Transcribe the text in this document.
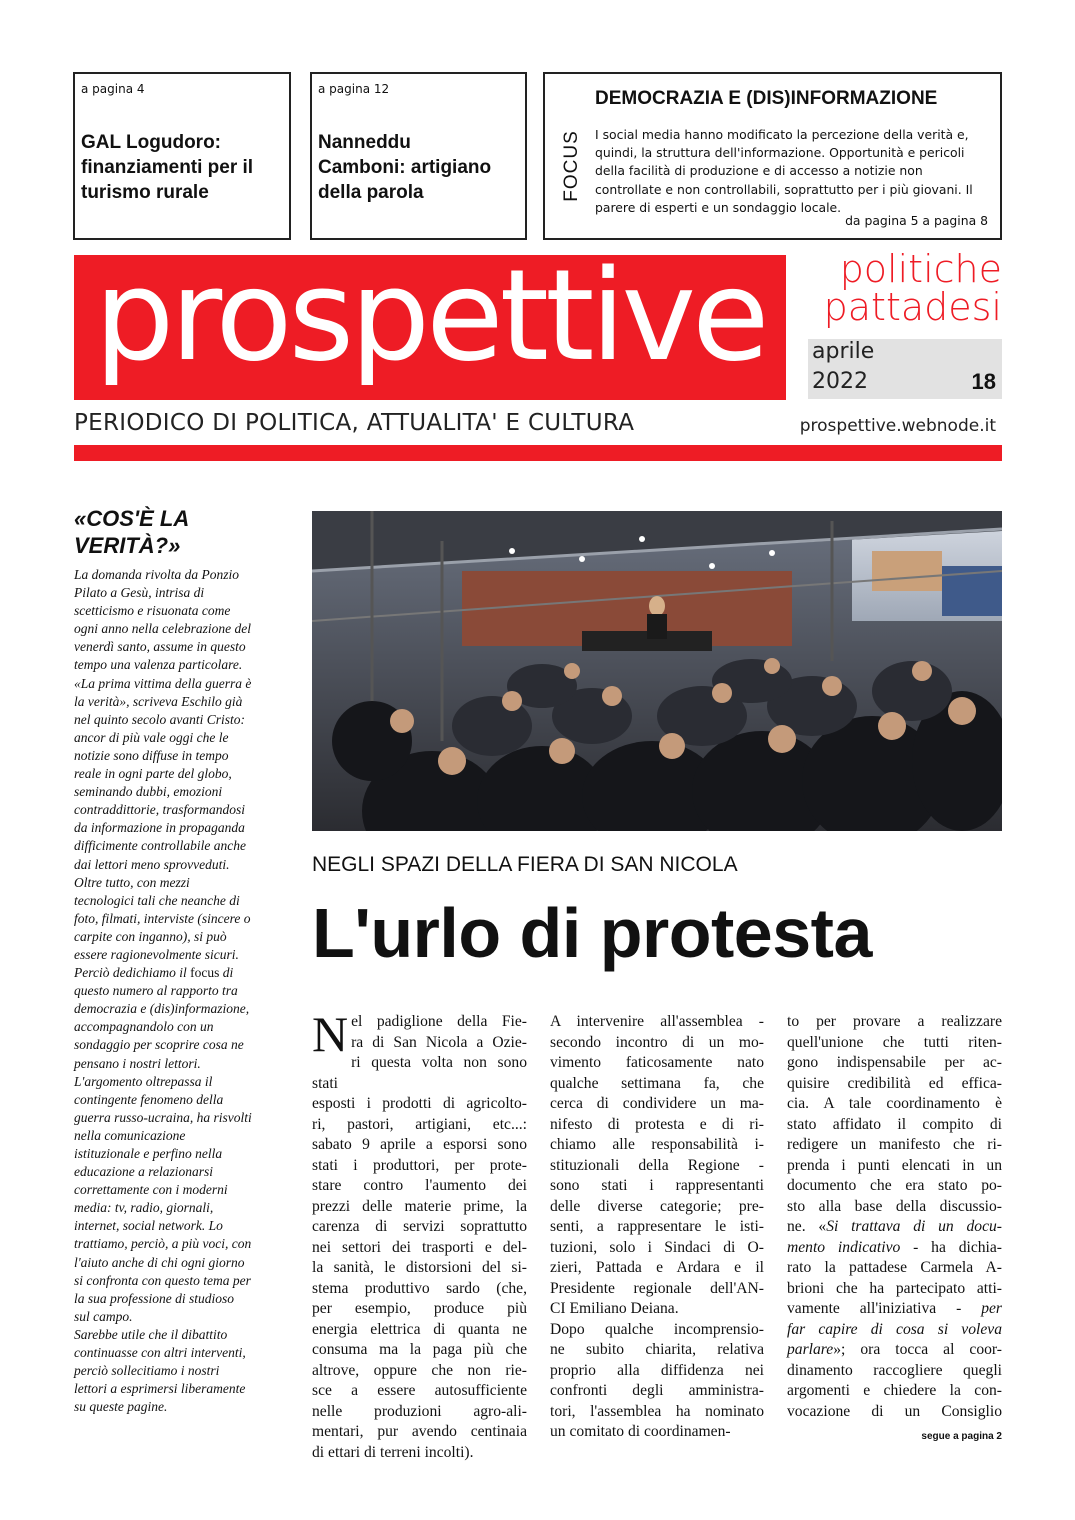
a pagina 4
GAL Logudoro:
finanziamenti per il
turismo rurale
a pagina 12
Nanneddu
Camboni: artigiano
della parola	FOCUS
DEMOCRAZIA E (DIS)INFORMAZIONE
I social media hanno modificato la percezione della verità e,
quindi, la struttura dell'informazione. Opportunità e pericoli
della facilità di produzione e di accesso a notizie non
controllate e non controllabili, soprattutto per i più giovani. Il
parere di esperti e un sondaggio locale.
da pagina 5 a pagina 8
prospettive	politiche
pattadesi
aprile
2022	18
PERIODICO DI POLITICA, ATTUALITA' E CULTURA	prospettive.webnode.it
«COS'È LA
VERITÀ?»
La domanda rivolta da Ponzio
Pilato a Gesù, intrisa di
scetticismo e risuonata come
ogni anno nella celebrazione del
venerdì santo, assume in questo
tempo una valenza particolare.
«La prima vittima della guerra è
la verità», scriveva Eschilo già
nel quinto secolo avanti Cristo:
ancor di più vale oggi che le
notizie sono diffuse in tempo
reale in ogni parte del globo,
seminando dubbi, emozioni
contraddittorie, trasformandosi
da informazione in propaganda
difficimente controllabile anche
dai lettori meno sprovveduti.
Oltre tutto, con mezzi
tecnologici tali che neanche di
foto, filmati, interviste (sincere o
carpite con inganno), si può
essere ragionevolmente sicuri.
Perciò dedichiamo il focus di
questo numero al rapporto tra
democrazia e (dis)informazione,
accompagnandolo con un
sondaggio per scoprire cosa ne
pensano i nostri lettori.
L'argomento oltrepassa il
contingente fenomeno della
guerra russo-ucraina, ha risvolti
nella comunicazione
istituzionale e perfino nella
educazione a relazionarsi
correttamente con i moderni
media: tv, radio, giornali,
internet, social network. Lo
trattiamo, perciò, a più voci, con
l'aiuto anche di chi ogni giorno
si confronta con questo tema per
la sua professione di studioso
sul campo.
Sarebbe utile che il dibattito
continuasse con altri interventi,
perciò sollecitiamo i nostri
lettori a esprimersi liberamente
su queste pagine.
NEGLI SPAZI DELLA FIERA DI SAN NICOLA
L'urlo di protesta
N el padiglione della Fie-
ra di San Nicola a Ozie-
ri questa volta non sono stati
esposti i prodotti di agricolto-
ri, pastori, artigiani, etc...:
sabato 9 aprile a esporsi sono
stati i produttori, per prote-
stare contro l'aumento dei
prezzi delle materie prime, la
carenza di servizi soprattutto
nei settori dei trasporti e del-
la sanità, le distorsioni del si-
stema produttivo sardo (che,
per esempio, produce più
energia elettrica di quanta ne
consuma ma la paga più che
altrove, oppure che non rie-
sce a essere autosufficiente
nelle produzioni agro-ali-
mentari, pur avendo centinaia
di ettari di terreni incolti).
A intervenire all'assemblea -
secondo incontro di un mo-
vimento faticosamente nato
qualche settimana fa, che
cerca di condividere un ma-
nifesto di protesta e di ri-
chiamo alle responsabilità i-
stituzionali della Regione -
sono stati i rappresentanti
delle diverse categorie; pre-
senti, a rappresentare le isti-
tuzioni, solo i Sindaci di O-
zieri, Pattada e Ardara e il
Presidente regionale dell'AN-
CI Emiliano Deiana.
Dopo qualche incomprensio-
ne subito chiarita, relativa
proprio alla diffidenza nei
confronti degli amministra-
tori, l'assemblea ha nominato
un comitato di coordinamen-
to per provare a realizzare
quell'unione che tutti riten-
gono indispensabile per ac-
quisire credibilità ed effica-
cia. A tale coordinamento è
stato affidato il compito di
redigere un manifesto che ri-
prenda i punti elencati in un
documento che era stato po-
sto alla base della discussio-
ne. «Si trattava di un docu-
mento indicativo - ha dichia-
rato la pattadese Carmela A-
brioni che ha partecipato atti-
vamente all'iniziativa - per
far capire di cosa si voleva
parlare»; ora tocca al coor-
dinamento raccogliere quegli
argomenti e chiedere la con-
vocazione di un Consiglio
segue a pagina 2
